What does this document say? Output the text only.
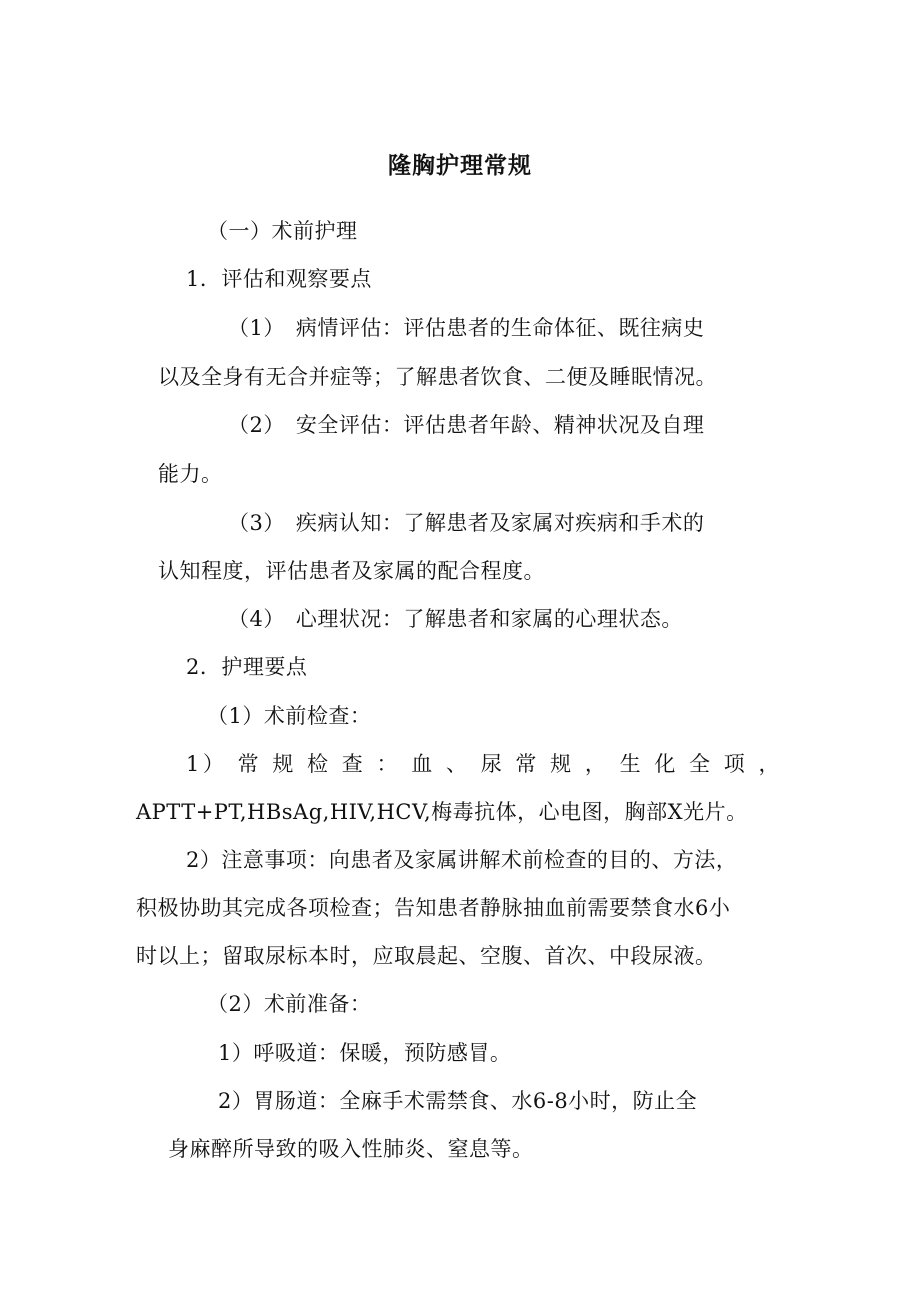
隆胸护理常规
（一）术前护理
1．评估和观察要点
（1）　病情评估：评估患者的生命体征、既往病史
以及全身有无合并症等；了解患者饮食、二便及睡眠情况。
（2）　安全评估：评估患者年龄、精神状况及自理
能力。
（3）　疾病认知：了解患者及家属对疾病和手术的
认知程度，评估患者及家属的配合程度。
（4）　心理状况：了解患者和家属的心理状态。
2．护理要点
（1）术前检查：
1） 常 规 检 查 ： 血 、 尿 常 规 ， 生 化 全 项 ，
APTT+PT,HBsAg,HIV,HCV,梅毒抗体，心电图，胸部X光片。
2）注意事项：向患者及家属讲解术前检查的目的、方法，
积极协助其完成各项检查；告知患者静脉抽血前需要禁食水6小
时以上；留取尿标本时，应取晨起、空腹、首次、中段尿液。
（2）术前准备：
1）呼吸道：保暖，预防感冒。
2）胃肠道：全麻手术需禁食、水6-8小时，防止全
身麻醉所导致的吸入性肺炎、窒息等。
